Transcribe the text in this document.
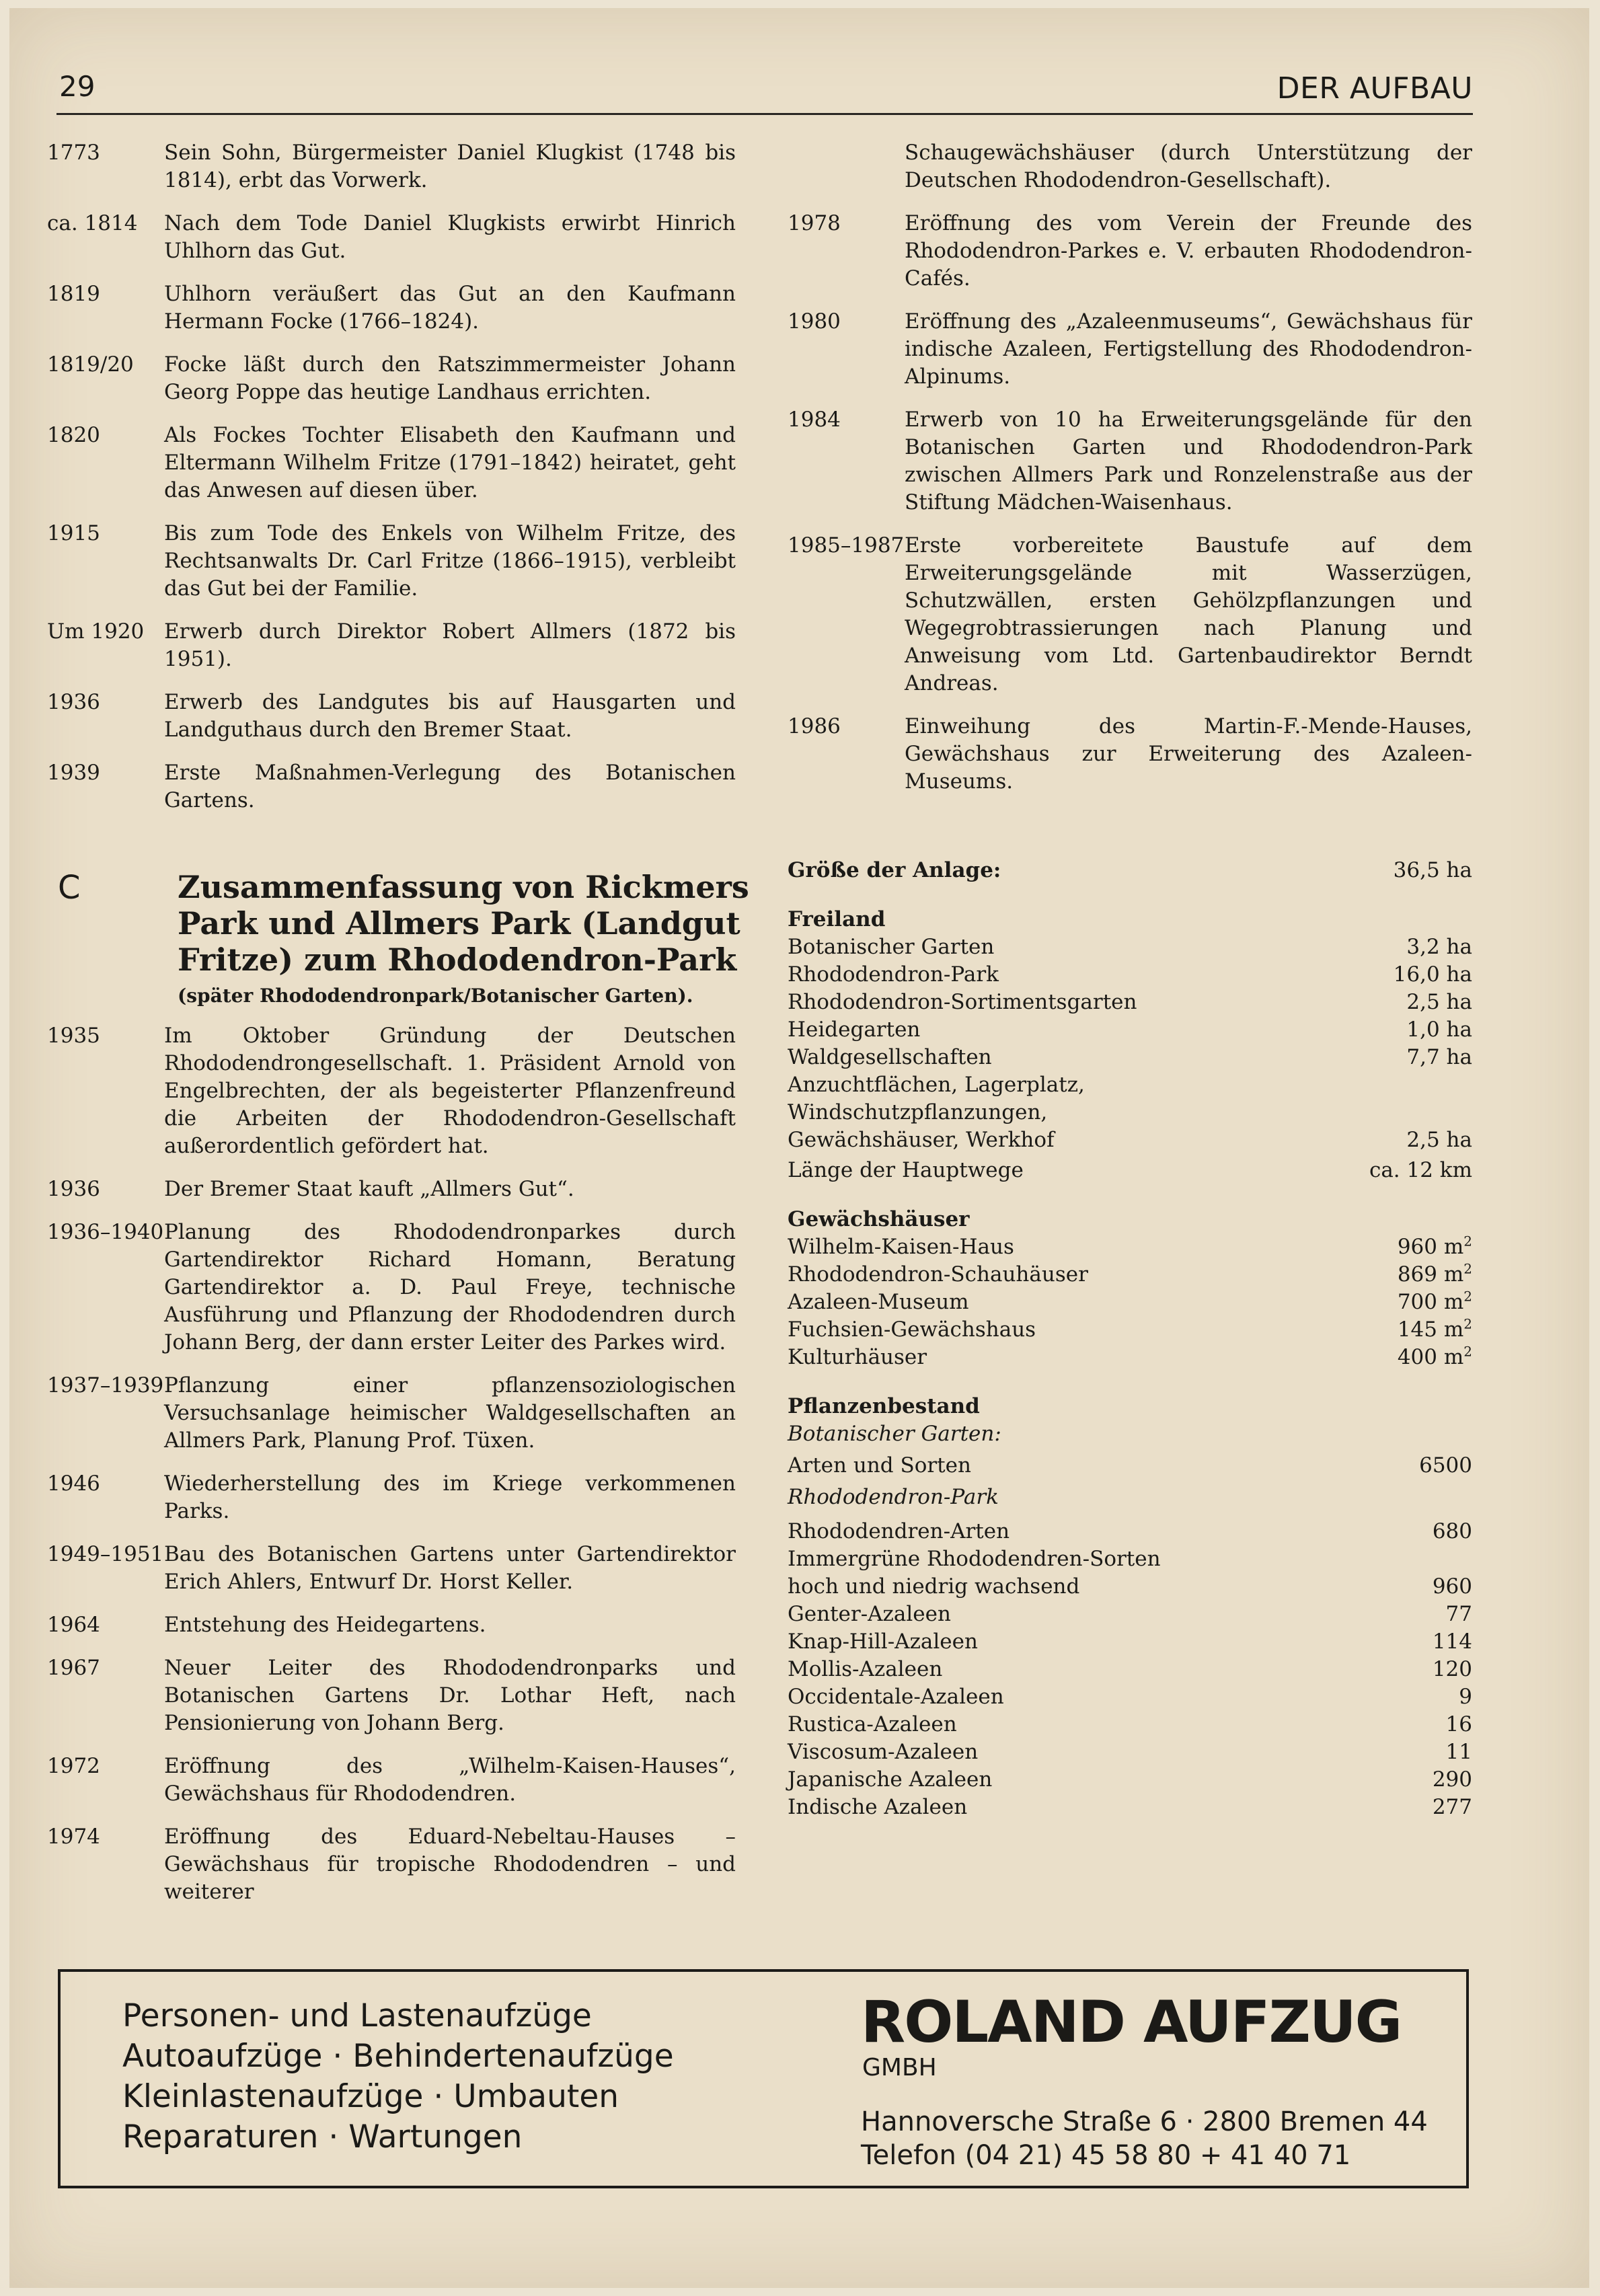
29	DER AUFBAU
1773	Sein Sohn, Bürgermeister Daniel Klugkist (1748 bis 1814), erbt das Vorwerk.
ca. 1814	Nach dem Tode Daniel Klugkists erwirbt Hinrich Uhlhorn das Gut.
1819	Uhlhorn veräußert das Gut an den Kaufmann Hermann Focke (1766–1824).
1819/20	Focke läßt durch den Ratszimmermeister Johann Georg Poppe das heutige Landhaus errichten.
1820	Als Fockes Tochter Elisabeth den Kaufmann und Eltermann Wilhelm Fritze (1791–1842) heiratet, geht das Anwesen auf diesen über.
1915	Bis zum Tode des Enkels von Wilhelm Fritze, des Rechtsanwalts Dr. Carl Fritze (1866–1915), verbleibt das Gut bei der Familie.
Um 1920 Erwerb durch Direktor Robert Allmers (1872 bis 1951).
1936	Erwerb des Landgutes bis auf Hausgarten und Landguthaus durch den Bremer Staat.
1939	Erste Maßnahmen-Verlegung des Botanischen Gartens.
Schaugewächshäuser (durch Unterstützung der Deutschen Rhododendron-Gesellschaft).
1978	Eröffnung des vom Verein der Freunde des Rhododendron-Parkes e. V. erbauten Rhododendron-Cafés.
1980	Eröffnung des „Azaleenmuseums“, Gewächshaus für indische Azaleen, Fertigstellung des Rhododendron-Alpinums.
1984	Erwerb von 10 ha Erweiterungsgelände für den Botanischen Garten und Rhododendron-Park zwischen Allmers Park und Ronzelenstraße aus der Stiftung Mädchen-Waisenhaus.
1985–1987 Erste vorbereitete Baustufe auf dem Erweiterungsgelände mit Wasserzügen, Schutzwällen, ersten Gehölzpflanzungen und Wegegrobtrassierungen nach Planung und Anweisung vom Ltd. Gartenbaudirektor Berndt Andreas.
1986	Einweihung des Martin-F.-Mende-Hauses, Gewächshaus zur Erweiterung des Azaleen-Museums.
C	Zusammenfassung von Rickmers Park und Allmers Park (Landgut Fritze) zum Rhododendron-Park
(später Rhododendronpark/Botanischer Garten).
1935	Im Oktober Gründung der Deutschen Rhododendrongesellschaft. 1. Präsident Arnold von Engelbrechten, der als begeisterter Pflanzenfreund die Arbeiten der Rhododendron-Gesellschaft außerordentlich gefördert hat.
1936	Der Bremer Staat kauft „Allmers Gut“.
1936–1940 Planung des Rhododendronparkes durch Gartendirektor Richard Homann, Beratung Gartendirektor a. D. Paul Freye, technische Ausführung und Pflanzung der Rhododendren durch Johann Berg, der dann erster Leiter des Parkes wird.
1937–1939 Pflanzung einer pflanzensoziologischen Versuchsanlage heimischer Waldgesellschaften an Allmers Park, Planung Prof. Tüxen.
1946	Wiederherstellung des im Kriege verkommenen Parks.
1949–1951 Bau des Botanischen Gartens unter Gartendirektor Erich Ahlers, Entwurf Dr. Horst Keller.
1964	Entstehung des Heidegartens.
1967	Neuer Leiter des Rhododendronparks und Botanischen Gartens Dr. Lothar Heft, nach Pensionierung von Johann Berg.
1972	Eröffnung des „Wilhelm-Kaisen-Hauses“, Gewächshaus für Rhododendren.
1974	Eröffnung des Eduard-Nebeltau-Hauses – Gewächshaus für tropische Rhododendren – und weiterer
Größe der Anlage:	36,5 ha
Freiland
Botanischer Garten	3,2 ha
Rhododendron-Park	16,0 ha
Rhododendron-Sortimentsgarten	2,5 ha
Heidegarten	1,0 ha
Waldgesellschaften	7,7 ha
Anzuchtflächen, Lagerplatz,
Windschutzpflanzungen,
Gewächshäuser, Werkhof	2,5 ha
Länge der Hauptwege	ca. 12 km
Gewächshäuser
Wilhelm-Kaisen-Haus	960 $m^2$
Rhododendron-Schauhäuser	869 $m^2$
Azaleen-Museum	700 $m^2$
Fuchsien-Gewächshaus	145 $m^2$
Kulturhäuser	400 $m^2$
Pflanzenbestand
Botanischer Garten:
Arten und Sorten	6500
Rhododendron-Park
Rhododendren-Arten	680
Immergrüne Rhododendren-Sorten
hoch und niedrig wachsend	960
Genter-Azaleen	77
Knap-Hill-Azaleen	114
Mollis-Azaleen	120
Occidentale-Azaleen	9
Rustica-Azaleen	16
Viscosum-Azaleen	11
Japanische Azaleen	290
Indische Azaleen	277
Personen- und Lastenaufzüge
Autoaufzüge · Behindertenaufzüge
Kleinlastenaufzüge · Umbauten
Reparaturen · Wartungen
ROLAND AUFZUG
GMBH
Hannoversche Straße 6 · 2800 Bremen 44
Telefon (04 21) 45 58 80 + 41 40 71
